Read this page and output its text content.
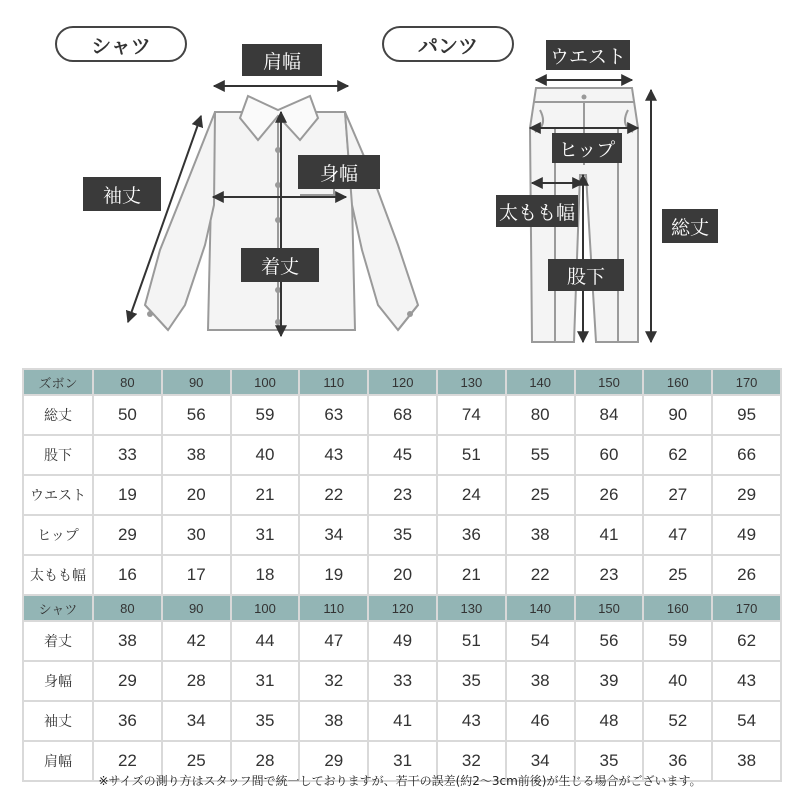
シャツ	パンツ
肩幅
身幅
袖丈
着丈
ウエスト
ヒップ
太もも幅
総丈
股下
ズボン	80	90	100	110	120	130	140	150	160	170
総丈	50	56	59	63	68	74	80	84	90	95
股下	33	38	40	43	45	51	55	60	62	66
ウエスト	19	20	21	22	23	24	25	26	27	29
ヒップ	29	30	31	34	35	36	38	41	47	49
太もも幅	16	17	18	19	20	21	22	23	25	26
シャツ	80	90	100	110	120	130	140	150	160	170
着丈	38	42	44	47	49	51	54	56	59	62
身幅	29	28	31	32	33	35	38	39	40	43
袖丈	36	34	35	38	41	43	46	48	52	54
肩幅	22	25	28	29	31	32	34	35	36	38
※サイズの測り方はスタッフ間で統一しておりますが、若干の誤差(約2〜3cm前後)が生じる場合がございます。
